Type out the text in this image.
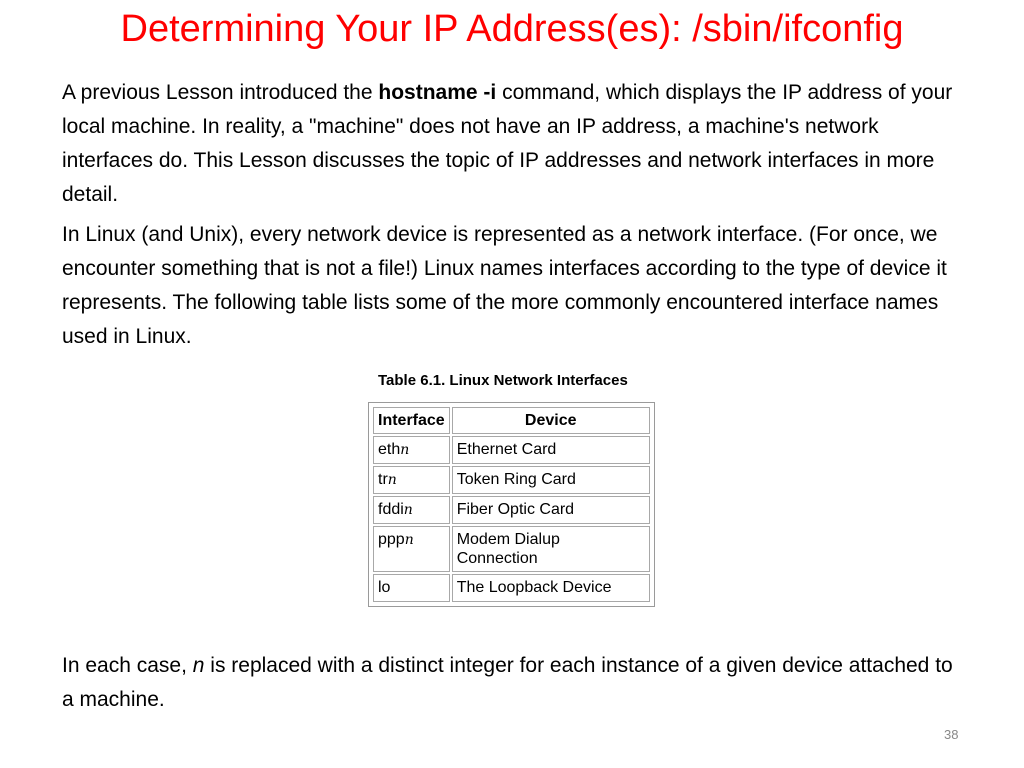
Determining Your IP Address(es): /sbin/ifconfig

A previous Lesson introduced the hostname -i command, which displays the IP address of your local machine. In reality, a "machine" does not have an IP address, a machine's network interfaces do. This Lesson discusses the topic of IP addresses and network interfaces in more detail.

In Linux (and Unix), every network device is represented as a network interface. (For once, we encounter something that is not a file!) Linux names interfaces according to the type of device it represents. The following table lists some of the more commonly encountered interface names used in Linux.

Table 6.1. Linux Network Interfaces
Interface	Device
ethn	Ethernet Card
trn	Token Ring Card
fddin	Fiber Optic Card
pppn	Modem Dialup Connection
lo	The Loopback Device

In each case, n is replaced with a distinct integer for each instance of a given device attached to a machine.

38
